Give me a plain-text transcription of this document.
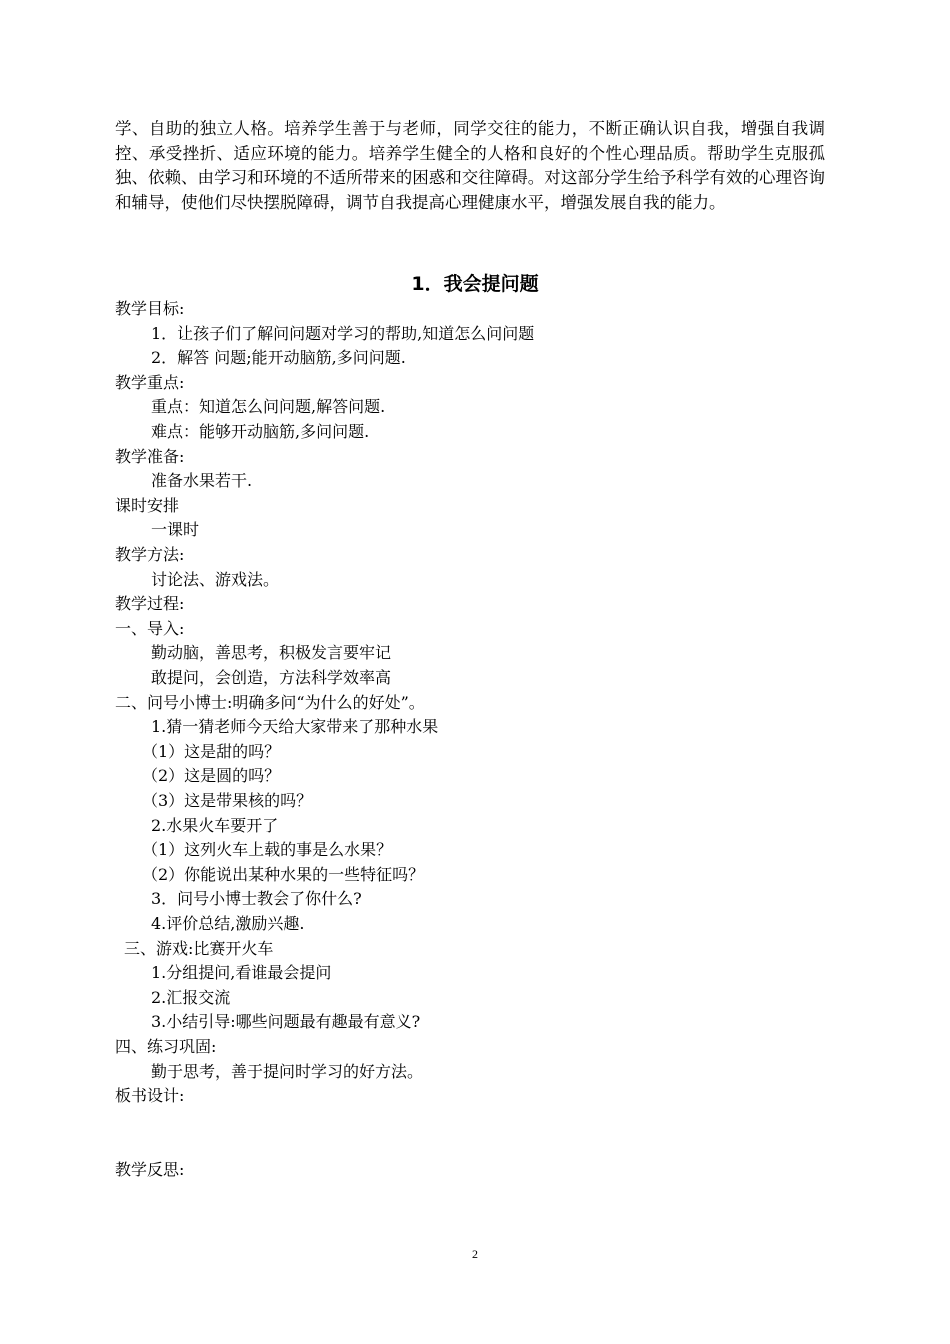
学、自助的独立人格。培养学生善于与老师，同学交往的能力，不断正确认识自我，增强自我调控、承受挫折、适应环境的能力。培养学生健全的人格和良好的个性心理品质。帮助学生克服孤独、依赖、由学习和环境的不适所带来的困惑和交往障碍。对这部分学生给予科学有效的心理咨询和辅导，使他们尽快摆脱障碍，调节自我提高心理健康水平，增强发展自我的能力。

1．我会提问题
教学目标:
1．让孩子们了解问问题对学习的帮助,知道怎么问问题
2．解答 问题;能开动脑筋,多问问题.
教学重点:
重点：知道怎么问问题,解答问题.
难点：能够开动脑筋,多问问题.
教学准备:
准备水果若干.
课时安排
一课时
教学方法:
讨论法、游戏法。
教学过程:
一、导入:
勤动脑，善思考，积极发言要牢记
敢提问，会创造，方法科学效率高
二、问号小博士:明确多问“为什么的好处”。
1.猜一猜老师今天给大家带来了那种水果
（1）这是甜的吗？
（2）这是圆的吗？
（3）这是带果核的吗？
2.水果火车要开了
（1）这列火车上载的事是么水果？
（2）你能说出某种水果的一些特征吗？
3．问号小博士教会了你什么?
4.评价总结,激励兴趣.
三、游戏:比赛开火车
1.分组提问,看谁最会提问
2.汇报交流
3.小结引导:哪些问题最有趣最有意义?
四、练习巩固:
勤于思考，善于提问时学习的好方法。
板书设计:
教学反思:
2
